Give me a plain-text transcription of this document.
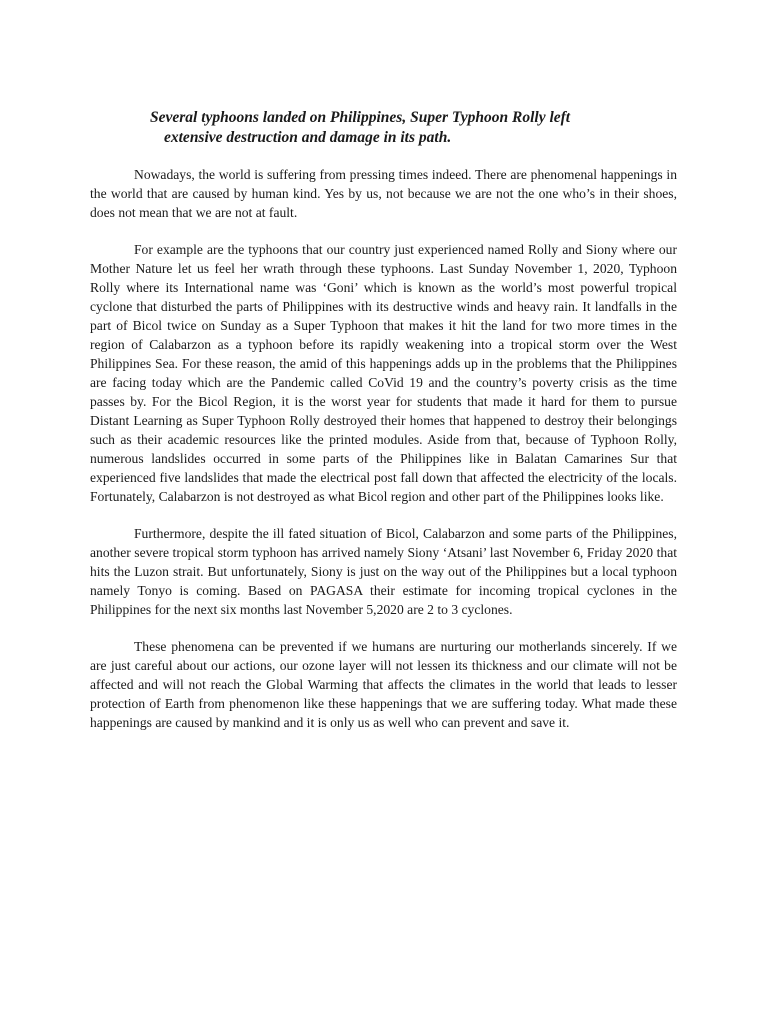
Several typhoons landed on Philippines, Super Typhoon Rolly left
extensive destruction and damage in its path.

Nowadays, the world is suffering from pressing times indeed. There are phenomenal happenings in the world that are caused by human kind. Yes by us, not because we are not the one who’s in their shoes, does not mean that we are not at fault.

For example are the typhoons that our country just experienced named Rolly and Siony where our Mother Nature let us feel her wrath through these typhoons. Last Sunday November 1, 2020, Typhoon Rolly where its International name was ‘Goni’ which is known as the world’s most powerful tropical cyclone that disturbed the parts of Philippines with its destructive winds and heavy rain. It landfalls in the part of Bicol twice on Sunday as a Super Typhoon that makes it hit the land for two more times in the region of Calabarzon as a typhoon before its rapidly weakening into a tropical storm over the West Philippines Sea. For these reason, the amid of this happenings adds up in the problems that the Philippines are facing today which are the Pandemic called CoVid 19 and the country’s poverty crisis as the time passes by. For the Bicol Region, it is the worst year for students that made it hard for them to pursue Distant Learning as Super Typhoon Rolly destroyed their homes that happened to destroy their belongings such as their academic resources like the printed modules. Aside from that, because of Typhoon Rolly, numerous landslides occurred in some parts of the Philippines like in Balatan Camarines Sur that experienced five landslides that made the electrical post fall down that affected the electricity of the locals. Fortunately, Calabarzon is not destroyed as what Bicol region and other part of the Philippines looks like.

Furthermore, despite the ill fated situation of Bicol, Calabarzon and some parts of the Philippines, another severe tropical storm typhoon has arrived namely Siony ‘Atsani’ last November 6, Friday 2020 that hits the Luzon strait. But unfortunately, Siony is just on the way out of the Philippines but a local typhoon namely Tonyo is coming. Based on PAGASA their estimate for incoming tropical cyclones in the Philippines for the next six months last November 5,2020 are 2 to 3 cyclones.

These phenomena can be prevented if we humans are nurturing our motherlands sincerely. If we are just careful about our actions, our ozone layer will not lessen its thickness and our climate will not be affected and will not reach the Global Warming that affects the climates in the world that leads to lesser protection of Earth from phenomenon like these happenings that we are suffering today. What made these happenings are caused by mankind and it is only us as well who can prevent and save it.
